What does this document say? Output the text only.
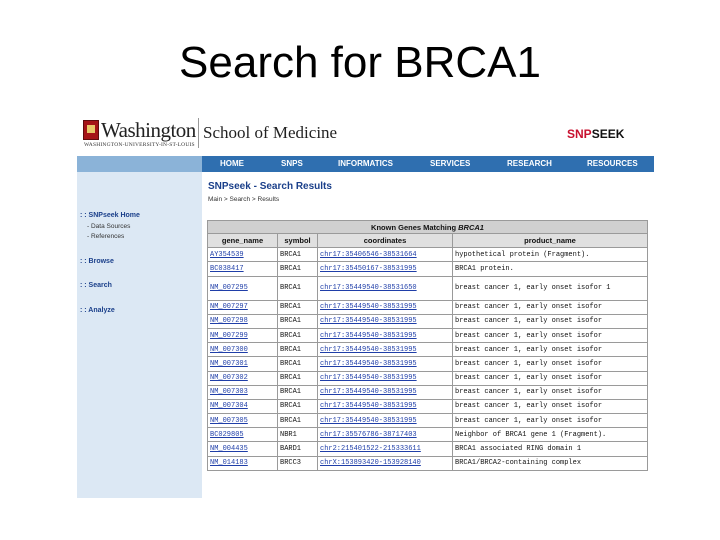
Search for BRCA1
Washington
WASHINGTON-UNIVERSITY-IN-ST-LOUIS
School of Medicine	SNPSEEK
HOME	SNPS	INFORMATICS	SERVICES	RESEARCH	RESOURCES
: : SNPseek Home
- Data Sources
- References
: : Browse
: : Search
: : Analyze
SNPseek - Search Results
Main > Search > Results
Known Genes Matching BRCA1			
gene_name	symbol	coordinates	product_name
AY354539	BRCA1	chr17:35406546-38531664	hypothetical protein (Fragment).
BC038417	BRCA1	chr17:35450167-38531995	BRCA1 protein.
NM_007295	BRCA1	chr17:35449540-38531650	breast cancer 1, early onset isofor 1
NM_007297	BRCA1	chr17:35449540-38531995	breast cancer 1, early onset isofor
NM_007298	BRCA1	chr17:35449540-38531995	breast cancer 1, early onset isofor
NM_007299	BRCA1	chr17:35449540-38531995	breast cancer 1, early onset isofor
NM_007300	BRCA1	chr17:35449540-38531995	breast cancer 1, early onset isofor
NM_007301	BRCA1	chr17:35449540-38531995	breast cancer 1, early onset isofor
NM_007302	BRCA1	chr17:35449540-38531995	breast cancer 1, early onset isofor
NM_007303	BRCA1	chr17:35449540-38531995	breast cancer 1, early onset isofor
NM_007304	BRCA1	chr17:35449540-38531995	breast cancer 1, early onset isofor
NM_007305	BRCA1	chr17:35449540-38531995	breast cancer 1, early onset isofor
BC029805	NBR1	chr17:35576786-38717403	Neighbor of BRCA1 gene 1 (Fragment).
NM_004435	BARD1	chr2:215401522-215333611	BRCA1 associated RING domain 1
NM_014183	BRCC3	chrX:153893420-153928140	BRCA1/BRCA2-containing complex
